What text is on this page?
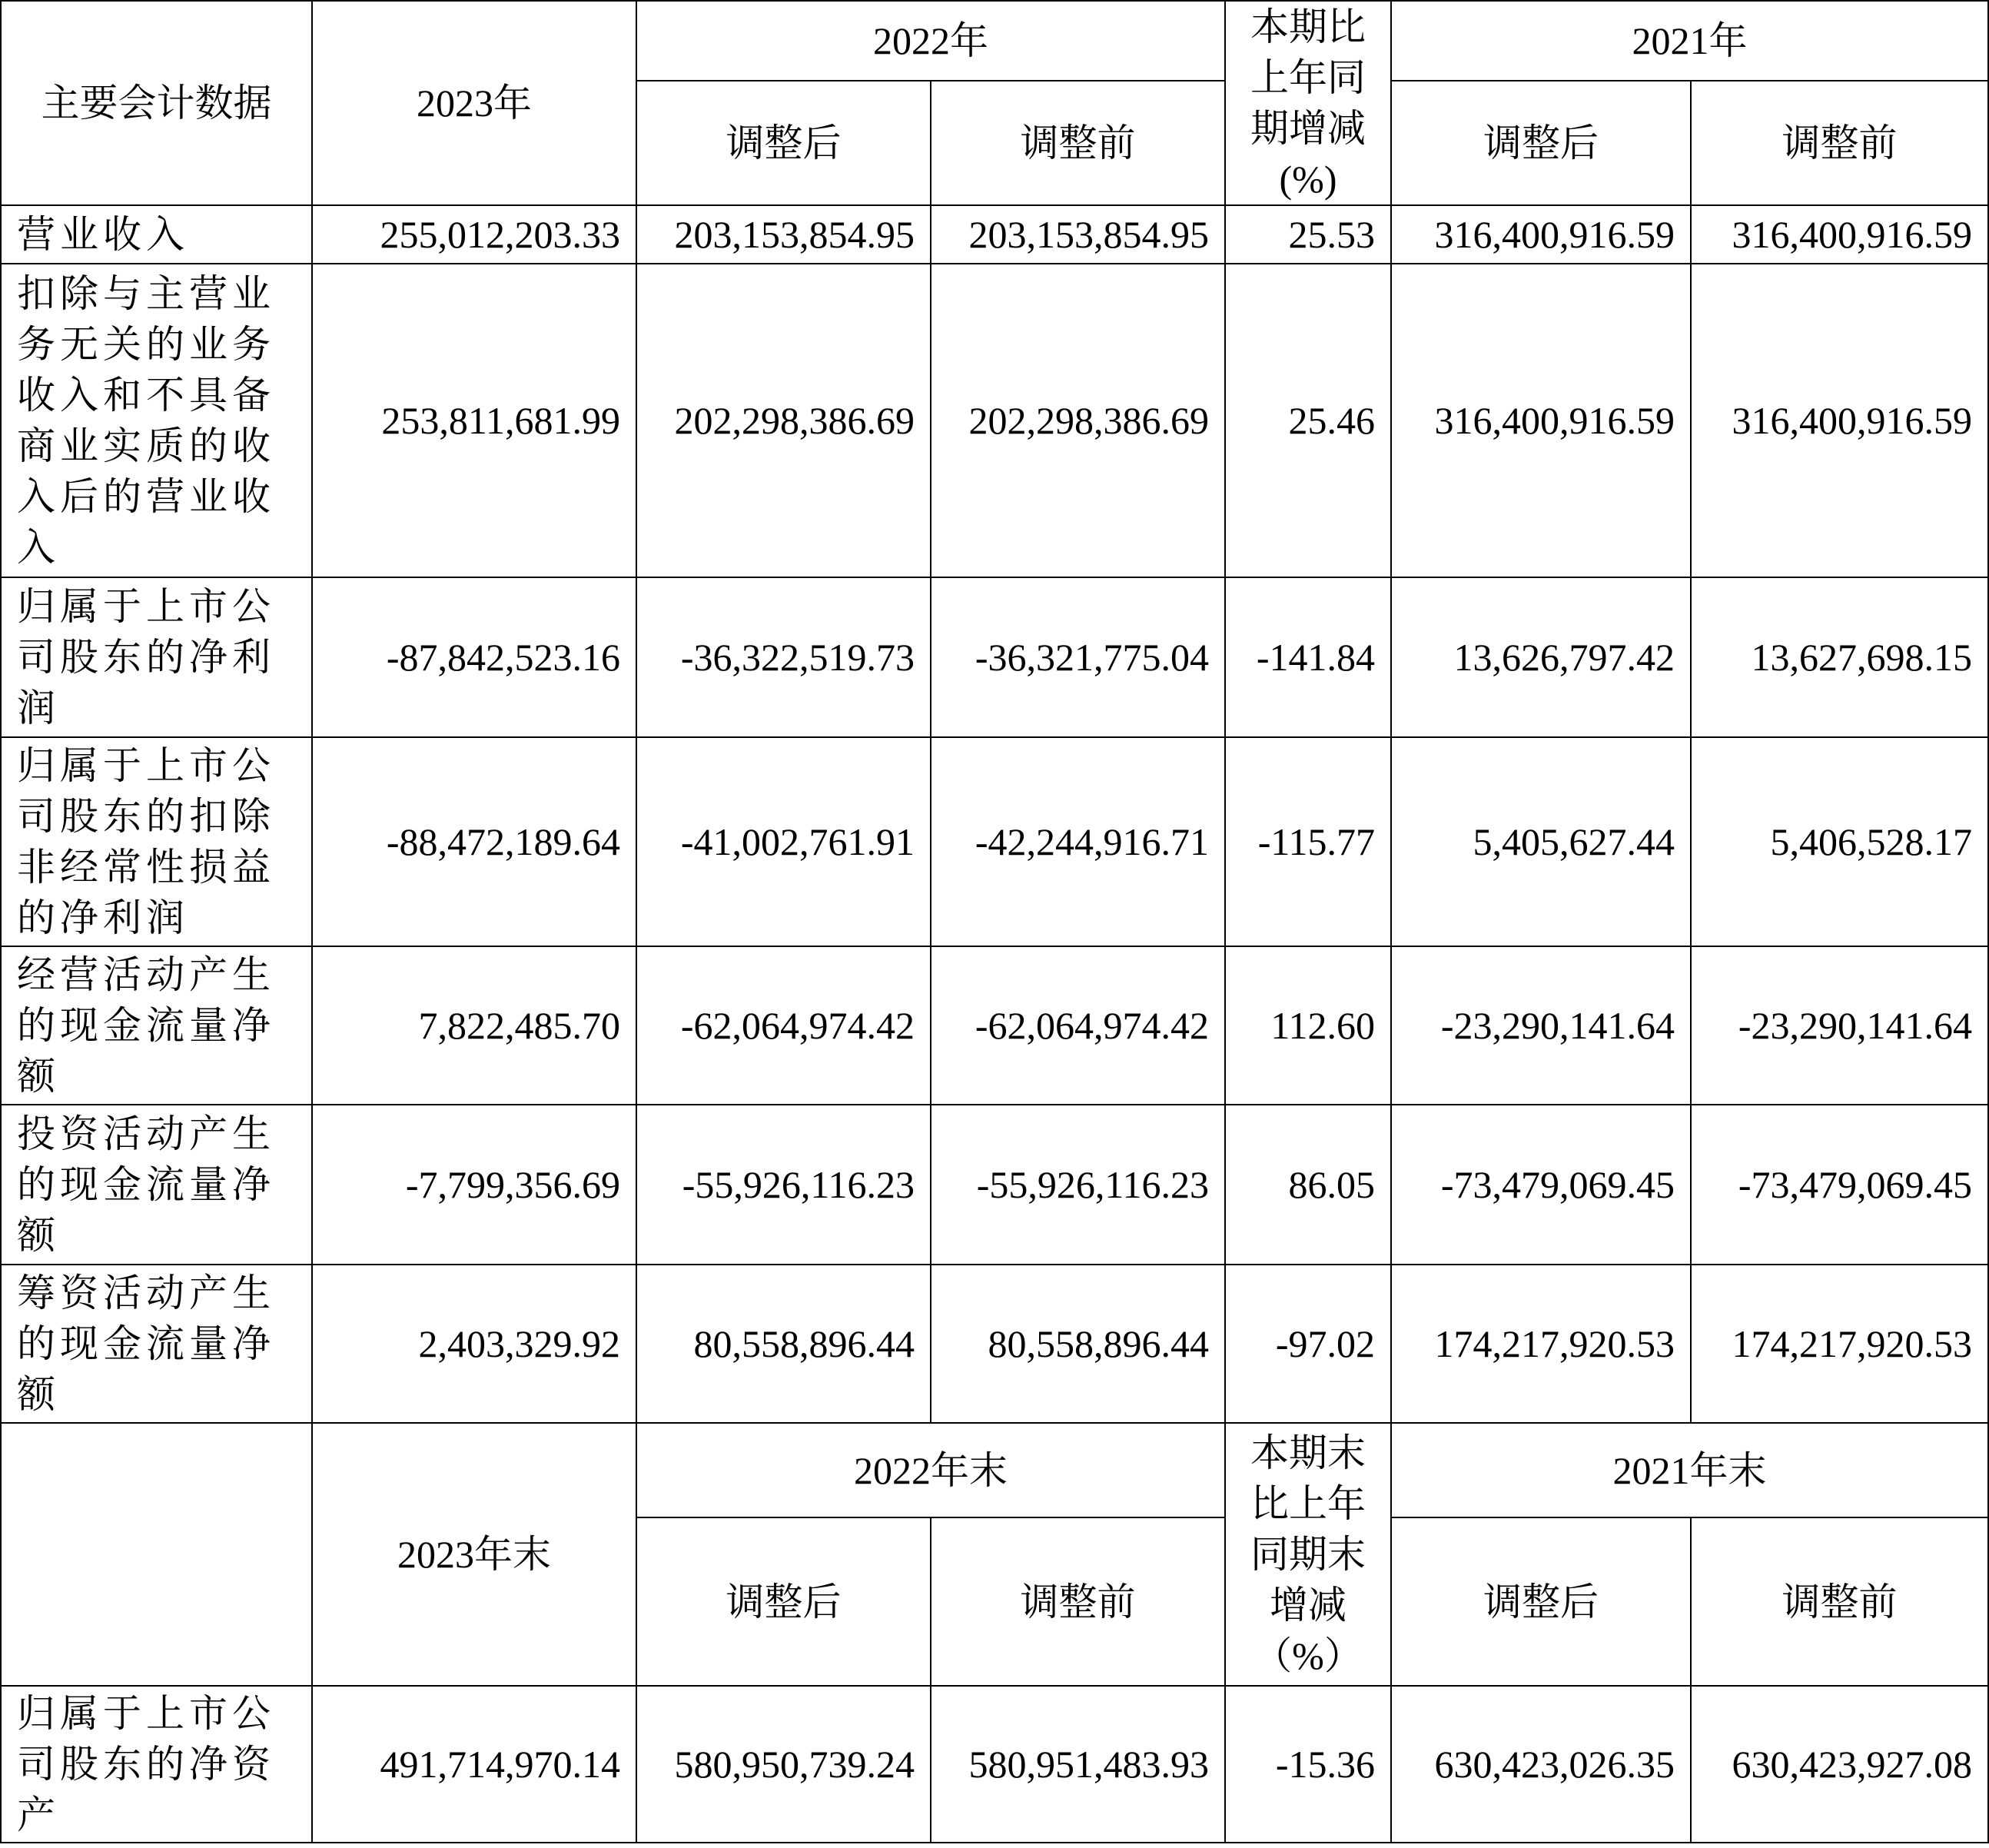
主要会计数据	2023年	2022年		本期比上年同期增减(%)	2021年	
		调整后	调整前		调整后	调整前
营业收入	255,012,203.33	203,153,854.95	203,153,854.95	25.53	316,400,916.59	316,400,916.59
扣除与主营业务无关的业务收入和不具备商业实质的收入后的营业收入	253,811,681.99	202,298,386.69	202,298,386.69	25.46	316,400,916.59	316,400,916.59
归属于上市公司股东的净利润	-87,842,523.16	-36,322,519.73	-36,321,775.04	-141.84	13,626,797.42	13,627,698.15
归属于上市公司股东的扣除非经常性损益的净利润	-88,472,189.64	-41,002,761.91	-42,244,916.71	-115.77	5,405,627.44	5,406,528.17
经营活动产生的现金流量净额	7,822,485.70	-62,064,974.42	-62,064,974.42	112.60	-23,290,141.64	-23,290,141.64
投资活动产生的现金流量净额	-7,799,356.69	-55,926,116.23	-55,926,116.23	86.05	-73,479,069.45	-73,479,069.45
筹资活动产生的现金流量净额	2,403,329.92	80,558,896.44	80,558,896.44	-97.02	174,217,920.53	174,217,920.53
	2023年末	2022年末		本期末比上年同期末增减（%）	2021年末	
		调整后	调整前		调整后	调整前
归属于上市公司股东的净资产	491,714,970.14	580,950,739.24	580,951,483.93	-15.36	630,423,026.35	630,423,927.08
